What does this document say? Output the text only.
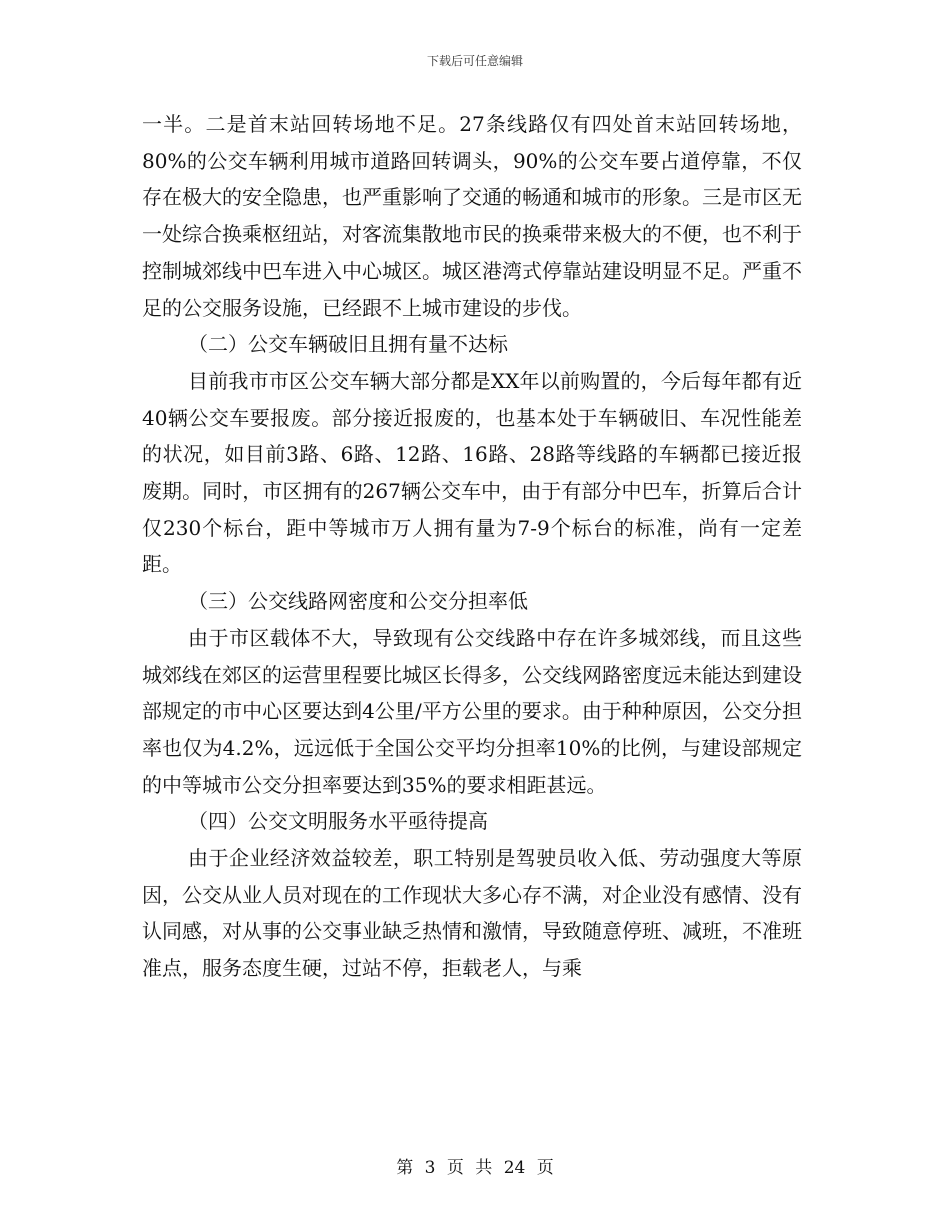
下载后可任意编辑

一半。二是首末站回转场地不足。27条线路仅有四处首末站回转场地，80%的公交车辆利用城市道路回转调头，90%的公交车要占道停靠，不仅存在极大的安全隐患，也严重影响了交通的畅通和城市的形象。三是市区无一处综合换乘枢纽站，对客流集散地市民的换乘带来极大的不便，也不利于控制城郊线中巴车进入中心城区。城区港湾式停靠站建设明显不足。严重不足的公交服务设施，已经跟不上城市建设的步伐。

（二）公交车辆破旧且拥有量不达标

目前我市市区公交车辆大部分都是XX年以前购置的，今后每年都有近40辆公交车要报废。部分接近报废的，也基本处于车辆破旧、车况性能差的状况，如目前3路、6路、12路、16路、28路等线路的车辆都已接近报废期。同时，市区拥有的267辆公交车中，由于有部分中巴车，折算后合计仅230个标台，距中等城市万人拥有量为7-9个标台的标准，尚有一定差距。

（三）公交线路网密度和公交分担率低

由于市区载体不大，导致现有公交线路中存在许多城郊线，而且这些城郊线在郊区的运营里程要比城区长得多，公交线网路密度远未能达到建设部规定的市中心区要达到4公里/平方公里的要求。由于种种原因，公交分担率也仅为4.2%，远远低于全国公交平均分担率10%的比例，与建设部规定的中等城市公交分担率要达到35%的要求相距甚远。

（四）公交文明服务水平亟待提高

由于企业经济效益较差，职工特别是驾驶员收入低、劳动强度大等原因，公交从业人员对现在的工作现状大多心存不满，对企业没有感情、没有认同感，对从事的公交事业缺乏热情和激情，导致随意停班、减班，不准班准点，服务态度生硬，过站不停，拒载老人，与乘

第 3 页 共 24 页
